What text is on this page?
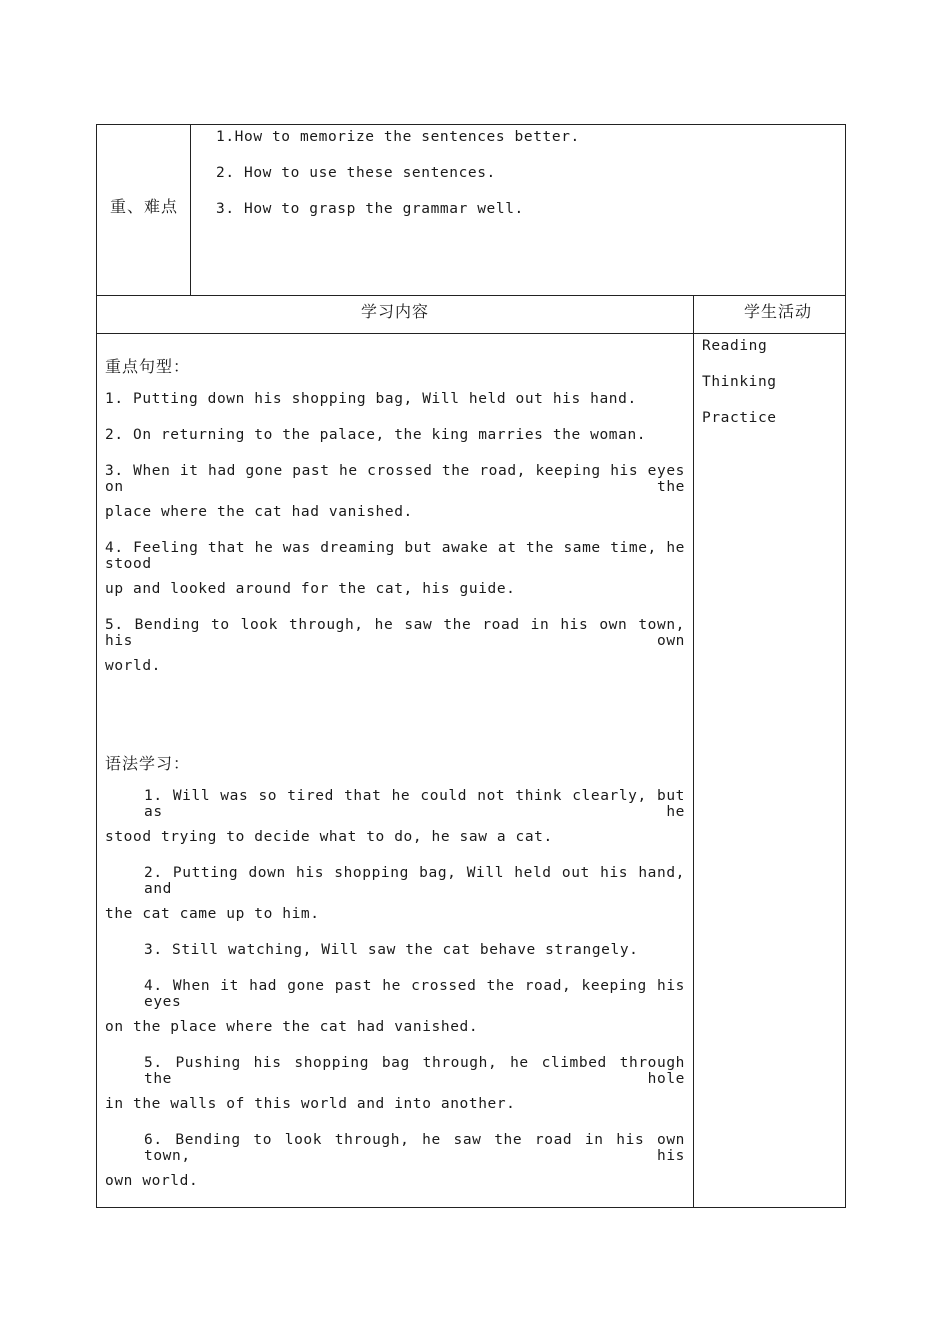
重、难点
1.How to memorize the sentences better.
2. How to use these sentences.
3. How to grasp the grammar well.
学习内容	学生活动
Reading
Thinking
Practice
重点句型：
1. Putting down his shopping bag, Will held out his hand.
2. On returning to the palace, the king marries the woman.
3. When it had gone past he crossed the road, keeping his eyes on the
place where the cat had vanished.
4. Feeling that he was dreaming but awake at the same time, he stood
up and looked around for the cat, his guide.
5. Bending to look through, he saw the road in his own town, his own
world.
语法学习：
1. Will was so tired that he could not think clearly, but as he
stood trying to decide what to do, he saw a cat.
2. Putting down his shopping bag, Will held out his hand, and
the cat came up to him.
3. Still watching, Will saw the cat behave strangely.
4. When it had gone past he crossed the road, keeping his eyes
on the place where the cat had vanished.
5. Pushing his shopping bag through, he climbed through the hole
in the walls of this world and into another.
6. Bending to look through, he saw the road in his own town, his
own world.
